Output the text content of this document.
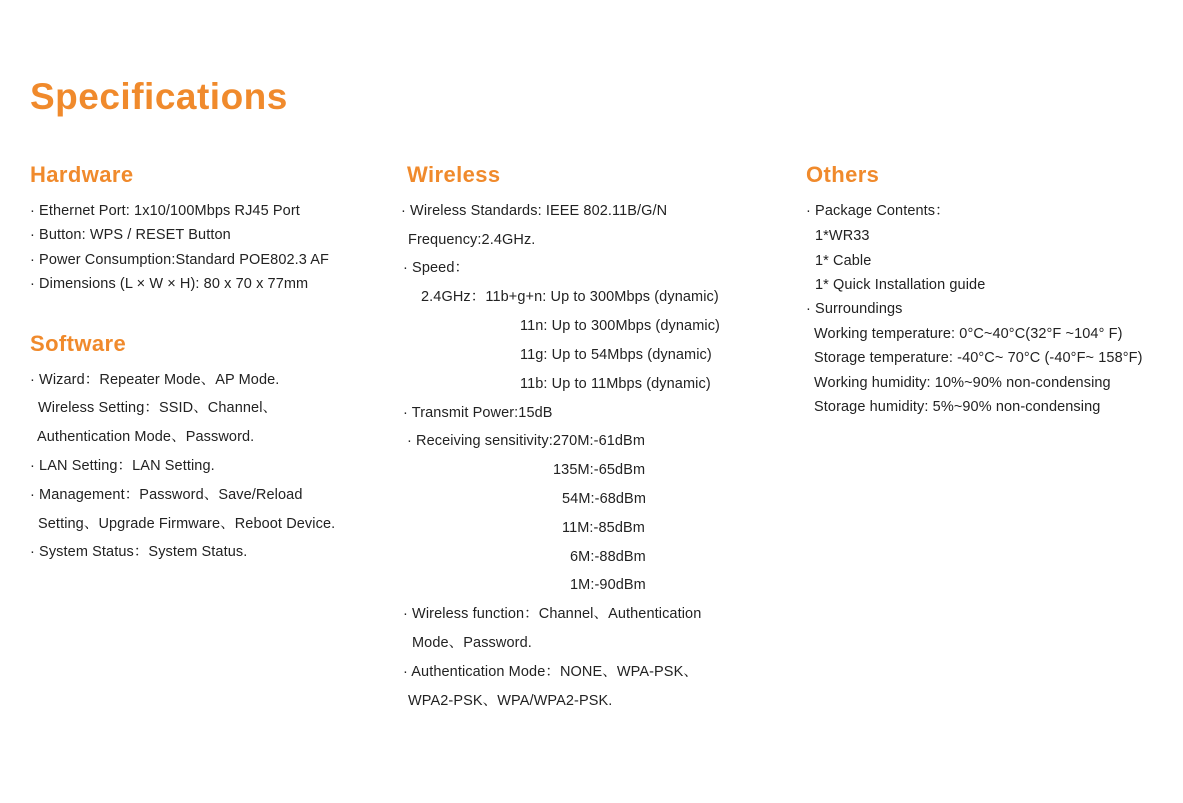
Specifications
Hardware
· Ethernet Port: 1x10/100Mbps RJ45 Port
· Button: WPS / RESET Button
· Power Consumption:Standard POE802.3 AF
· Dimensions (L × W × H): 80 x 70 x 77mm
Software
· Wizard：Repeater Mode、AP Mode.
Wireless Setting：SSID、Channel、
Authentication Mode、Password.
· LAN Setting：LAN Setting.
· Management：Password、Save/Reload
Setting、Upgrade Firmware、Reboot Device.
· System Status：System Status.
Wireless
· Wireless Standards: IEEE 802.11B/G/N
Frequency:2.4GHz.
· Speed：
2.4GHz：11b+g+n: Up to 300Mbps (dynamic)
11n: Up to 300Mbps (dynamic)
11g: Up to 54Mbps (dynamic)
11b: Up to 11Mbps (dynamic)
· Transmit Power:15dB
· Receiving sensitivity:270M:-61dBm
135M:-65dBm
54M:-68dBm
11M:-85dBm
6M:-88dBm
1M:-90dBm
· Wireless function：Channel、Authentication
Mode、Password.
· Authentication Mode：NONE、WPA-PSK、
WPA2-PSK、WPA/WPA2-PSK.
Others
· Package Contents：
1*WR33
1* Cable
1* Quick Installation guide
· Surroundings
Working temperature: 0°C~40°C(32°F ~104° F)
Storage temperature: -40°C~ 70°C (-40°F~ 158°F)
Working humidity: 10%~90% non-condensing
Storage humidity: 5%~90% non-condensing
